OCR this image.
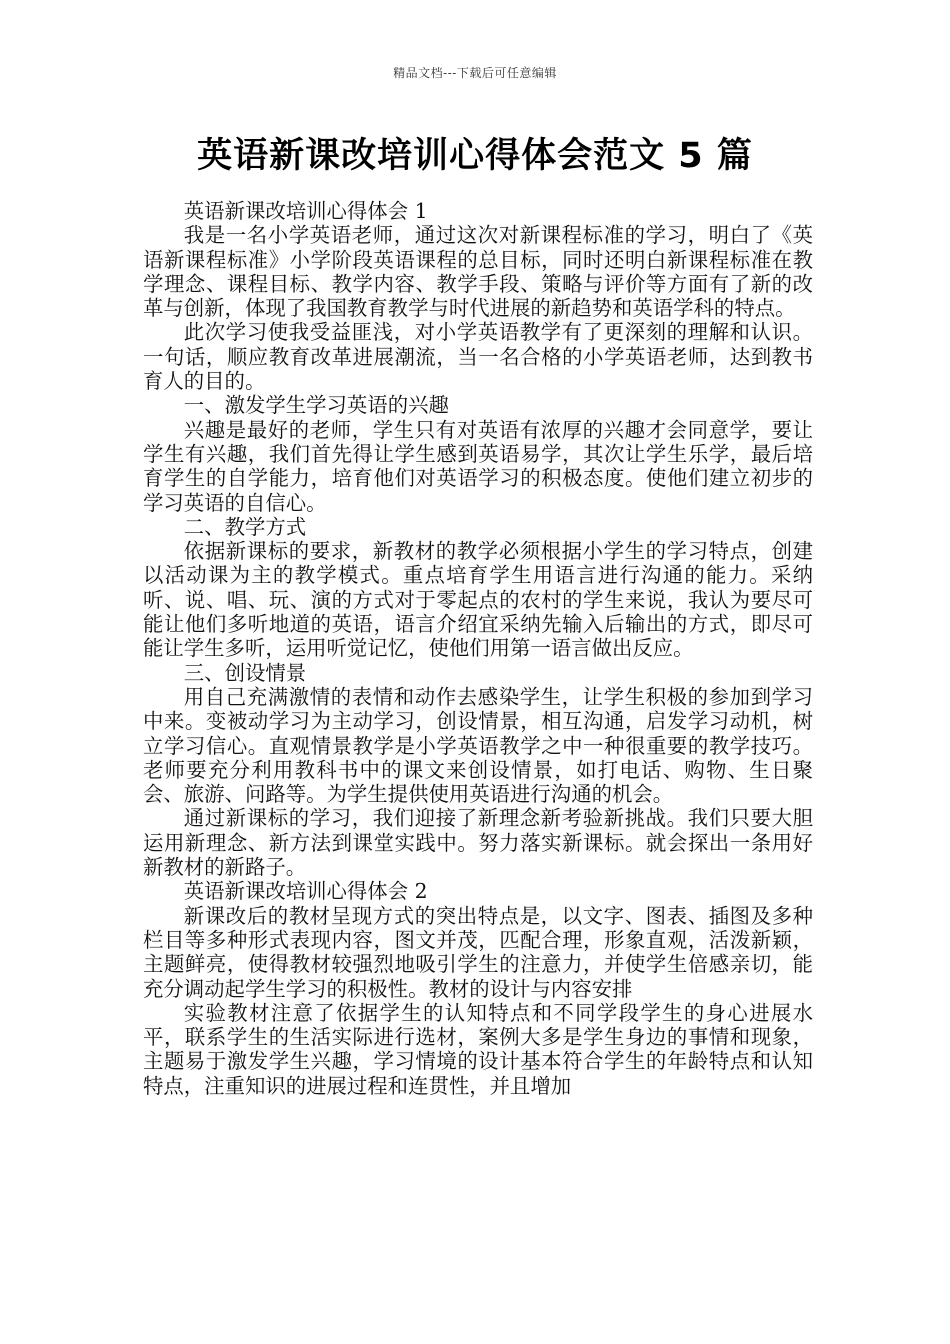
精品文档---下载后可任意编辑
英语新课改培训心得体会范文 5 篇

英语新课改培训心得体会 1

我是一名小学英语老师，通过这次对新课程标准的学习，明白了《英语新课程标准》小学阶段英语课程的总目标，同时还明白新课程标准在教学理念、课程目标、教学内容、教学手段、策略与评价等方面有了新的改革与创新，体现了我国教育教学与时代进展的新趋势和英语学科的特点。

此次学习使我受益匪浅，对小学英语教学有了更深刻的理解和认识。一句话，顺应教育改革进展潮流，当一名合格的小学英语老师，达到教书育人的目的。

一、激发学生学习英语的兴趣

兴趣是最好的老师，学生只有对英语有浓厚的兴趣才会同意学，要让学生有兴趣，我们首先得让学生感到英语易学，其次让学生乐学，最后培育学生的自学能力，培育他们对英语学习的积极态度。使他们建立初步的学习英语的自信心。

二、教学方式

依据新课标的要求，新教材的教学必须根据小学生的学习特点，创建以活动课为主的教学模式。重点培育学生用语言进行沟通的能力。采纳听、说、唱、玩、演的方式对于零起点的农村的学生来说，我认为要尽可能让他们多听地道的英语，语言介绍宜采纳先输入后输出的方式，即尽可能让学生多听，运用听觉记忆，使他们用第一语言做出反应。

三、创设情景

用自己充满激情的表情和动作去感染学生，让学生积极的参加到学习中来。变被动学习为主动学习，创设情景，相互沟通，启发学习动机，树立学习信心。直观情景教学是小学英语教学之中一种很重要的教学技巧。老师要充分利用教科书中的课文来创设情景，如打电话、购物、生日聚会、旅游、问路等。为学生提供使用英语进行沟通的机会。

通过新课标的学习，我们迎接了新理念新考验新挑战。我们只要大胆运用新理念、新方法到课堂实践中。努力落实新课标。就会探出一条用好新教材的新路子。

英语新课改培训心得体会 2

新课改后的教材呈现方式的突出特点是，以文字、图表、插图及多种栏目等多种形式表现内容，图文并茂，匹配合理，形象直观，活泼新颖，主题鲜亮，使得教材较强烈地吸引学生的注意力，并使学生倍感亲切，能充分调动起学生学习的积极性。教材的设计与内容安排

实验教材注意了依据学生的认知特点和不同学段学生的身心进展水平，联系学生的生活实际进行选材，案例大多是学生身边的事情和现象，主题易于激发学生兴趣，学习情境的设计基本符合学生的年龄特点和认知特点，注重知识的进展过程和连贯性，并且增加
